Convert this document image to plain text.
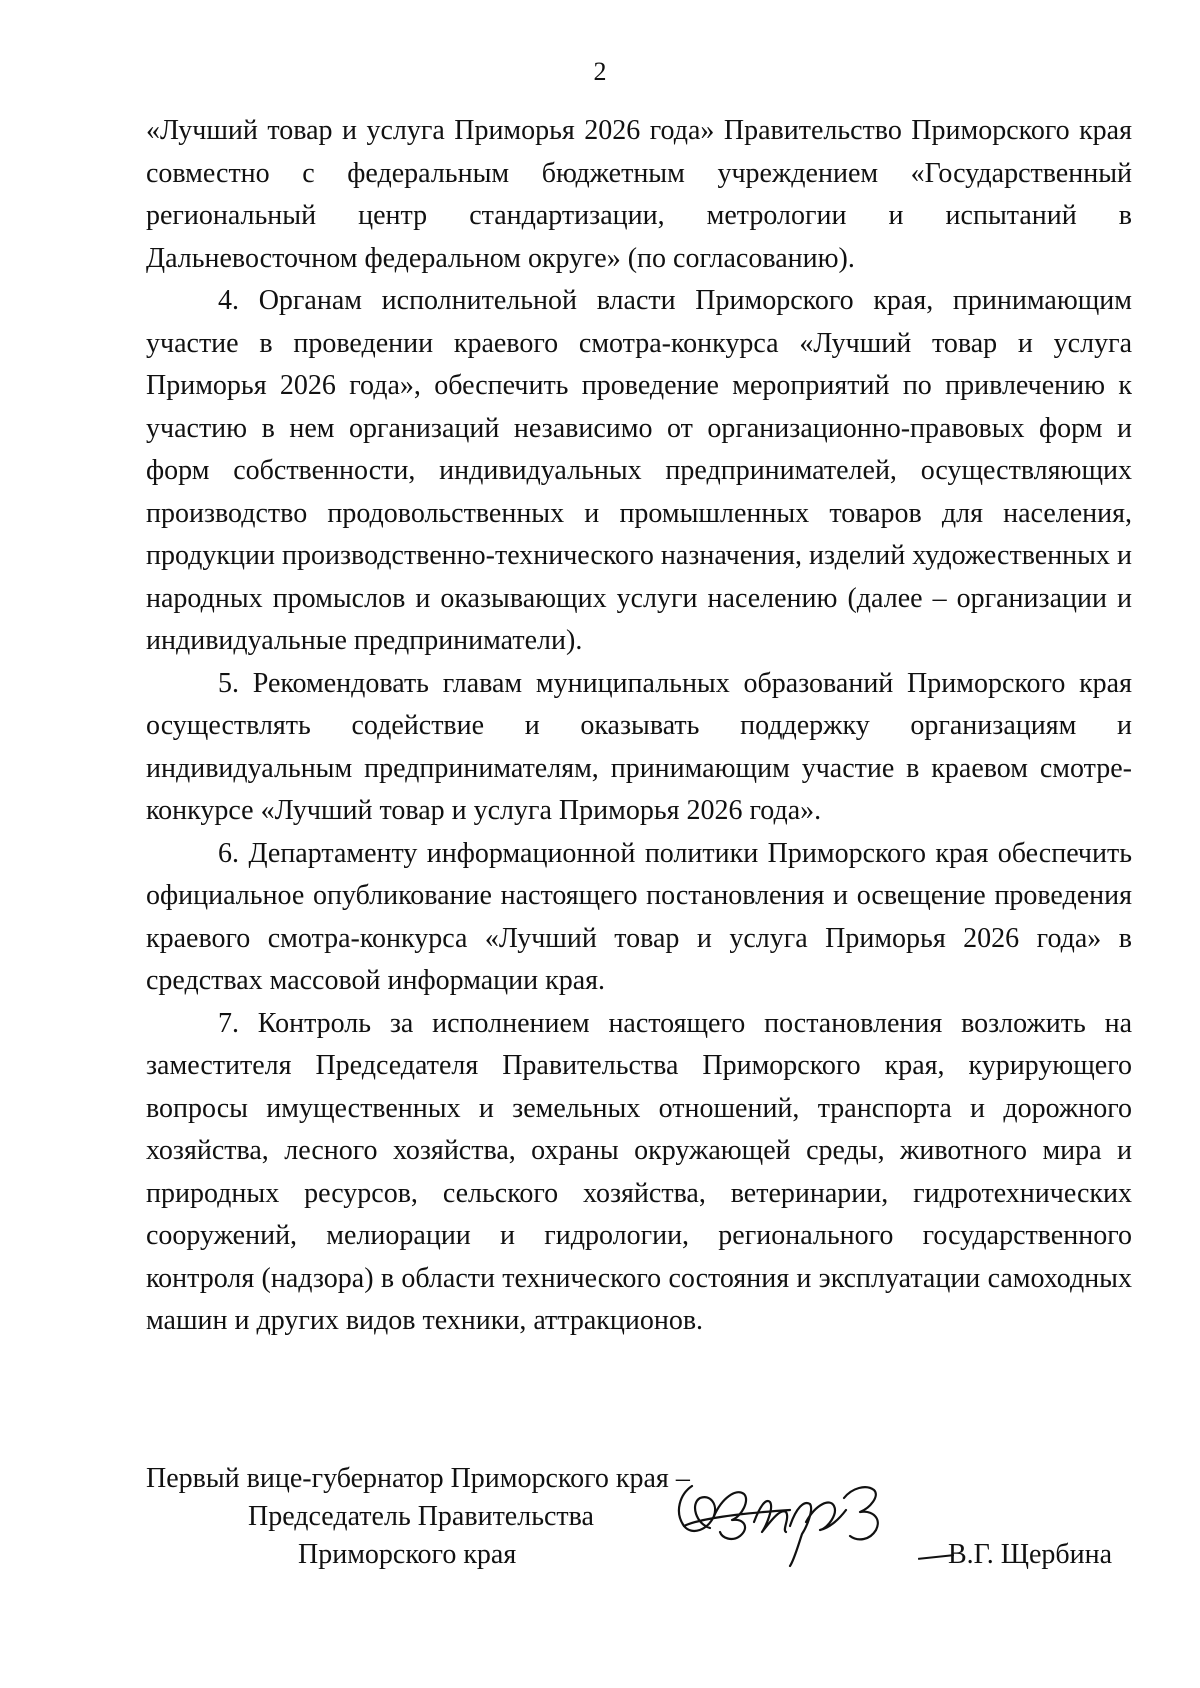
2

«Лучший товар и услуга Приморья 2026 года» Правительство Приморского края совместно с федеральным бюджетным учреждением «Государственный региональный центр стандартизации, метрологии и испытаний в Дальневосточном федеральном округе» (по согласованию).

4. Органам исполнительной власти Приморского края, принимающим участие в проведении краевого смотра-конкурса «Лучший товар и услуга Приморья 2026 года», обеспечить проведение мероприятий по привлечению к участию в нем организаций независимо от организационно-правовых форм и форм собственности, индивидуальных предпринимателей, осуществляющих производство продовольственных и промышленных товаров для населения, продукции производственно-технического назначения, изделий художественных и народных промыслов и оказывающих услуги населению (далее – организации и индивидуальные предприниматели).

5. Рекомендовать главам муниципальных образований Приморского края осуществлять содействие и оказывать поддержку организациям и индивидуальным предпринимателям, принимающим участие в краевом смотре-конкурсе «Лучший товар и услуга Приморья 2026 года».

6. Департаменту информационной политики Приморского края обеспечить официальное опубликование настоящего постановления и освещение проведения краевого смотра-конкурса «Лучший товар и услуга Приморья 2026 года» в средствах массовой информации края.

7. Контроль за исполнением настоящего постановления возложить на заместителя Председателя Правительства Приморского края, курирующего вопросы имущественных и земельных отношений, транспорта и дорожного хозяйства, лесного хозяйства, охраны окружающей среды, животного мира и природных ресурсов, сельского хозяйства, ветеринарии, гидротехнических сооружений, мелиорации и гидрологии, регионального государственного контроля (надзора) в области технического состояния и эксплуатации самоходных машин и других видов техники, аттракционов.

Первый вице-губернатор Приморского края –
Председатель Правительства
Приморского края	В.Г. Щербина
